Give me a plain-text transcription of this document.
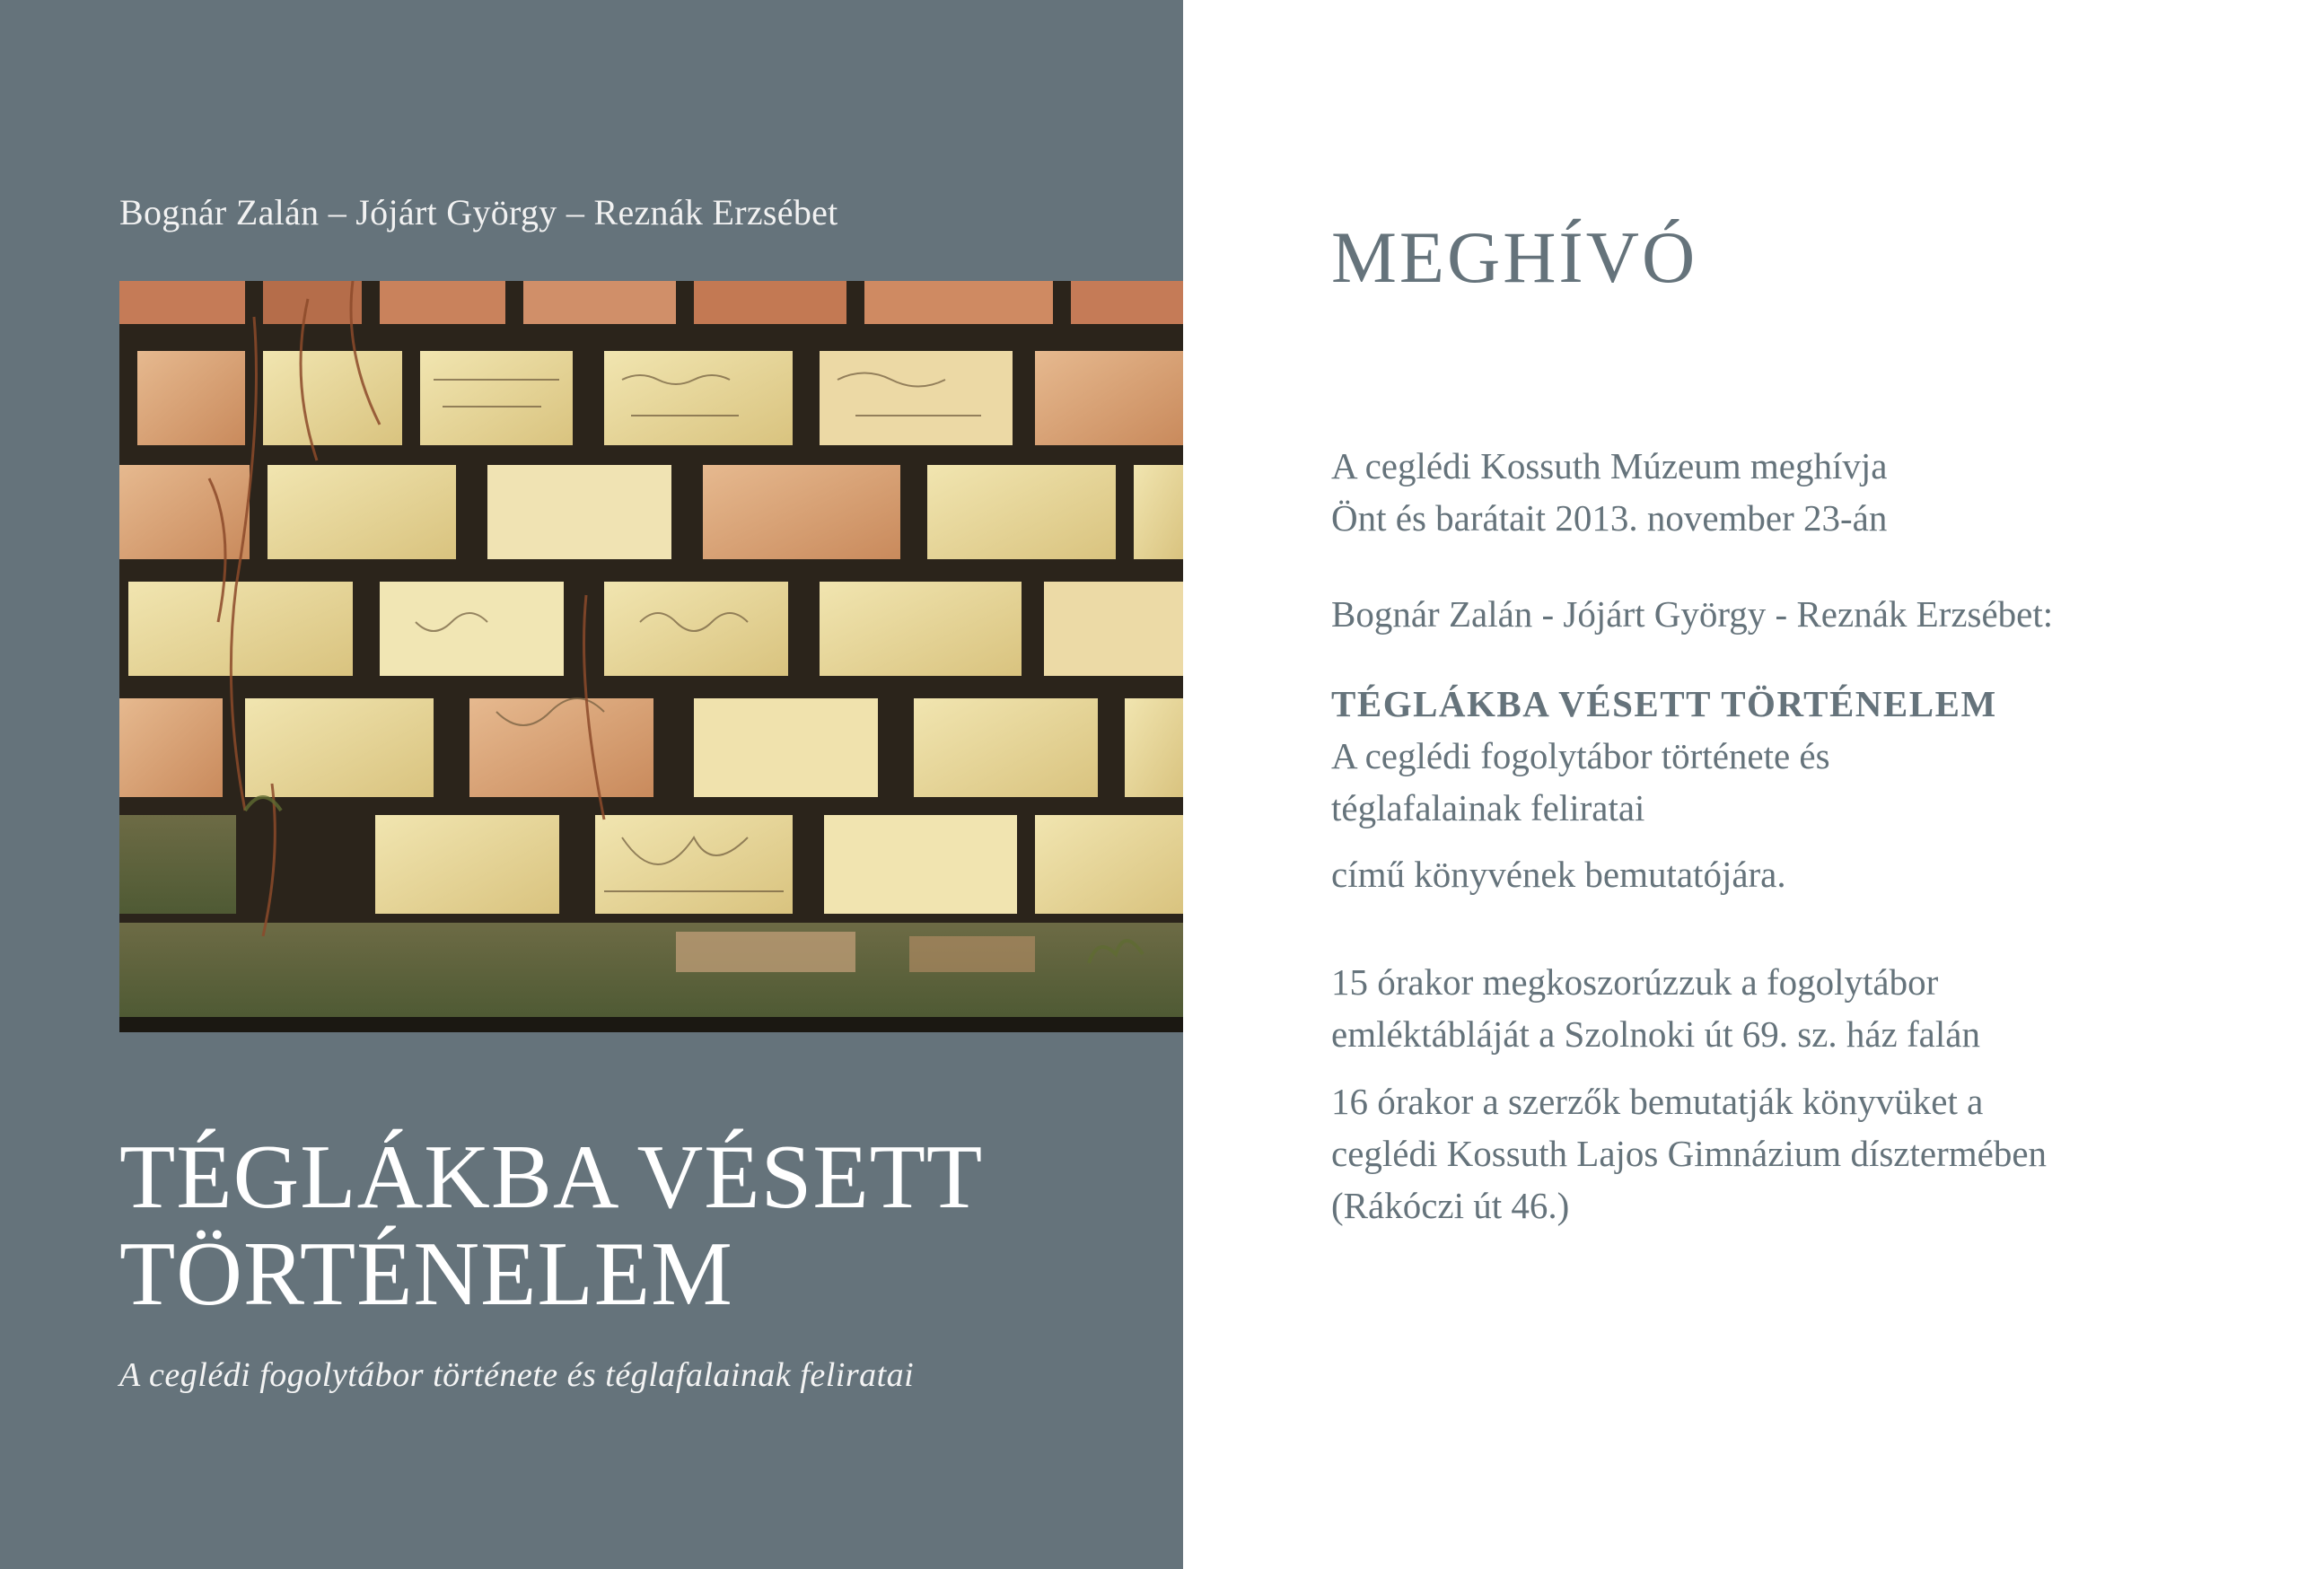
Bognár Zalán – Jójárt György – Reznák Erzsébet
TÉGLÁKBA VÉSETT
TÖRTÉNELEM
A ceglédi fogolytábor története és téglafalainak feliratai
MEGHÍVÓ
A ceglédi Kossuth Múzeum meghívja
Önt és barátait 2013. november 23-án
Bognár Zalán - Jójárt György - Reznák Erzsébet:
TÉGLÁKBA VÉSETT TÖRTÉNELEM
A ceglédi fogolytábor története és
téglafalainak feliratai
című könyvének bemutatójára.
15 órakor megkoszorúzzuk a fogolytábor
emléktábláját a Szolnoki út 69. sz. ház falán
16 órakor a szerzők bemutatják könyvüket a
ceglédi Kossuth Lajos Gimnázium dísztermében
(Rákóczi út 46.)
